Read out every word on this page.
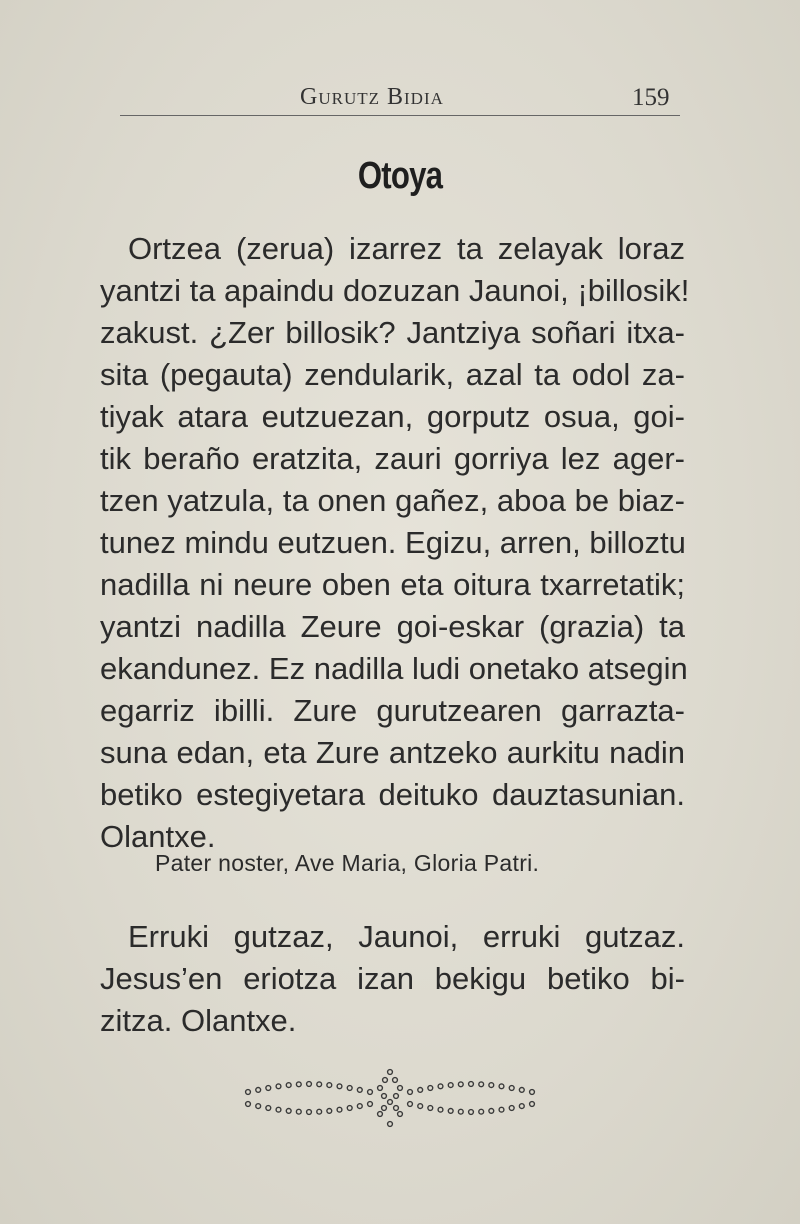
Gurutz Bidia	159
Otoya
Ortzea (zerua) izarrez ta zelayak loraz
yantzi ta apaindu dozuzan Jaunoi, ¡billosik!
zakust. ¿Zer billosik? Jantziya soñari itxa-
sita (pegauta) zendularik, azal ta odol za-
tiyak atara eutzuezan, gorputz osua, goi-
tik beraño eratzita, zauri gorriya lez ager-
tzen yatzula, ta onen gañez, aboa be biaz-
tunez mindu eutzuen. Egizu, arren, billoztu
nadilla ni neure oben eta oitura txarretatik;
yantzi nadilla Zeure goi-eskar (grazia) ta
ekandunez. Ez nadilla ludi onetako atsegin
egarriz ibilli. Zure gurutzearen garrazta-
suna edan, eta Zure antzeko aurkitu nadin
betiko estegiyetara deituko dauztasunian.
Olantxe.
Pater noster, Ave Maria, Gloria Patri.
Erruki gutzaz, Jaunoi, erruki gutzaz.
Jesus’en eriotza izan bekigu betiko bi-
zitza. Olantxe.
